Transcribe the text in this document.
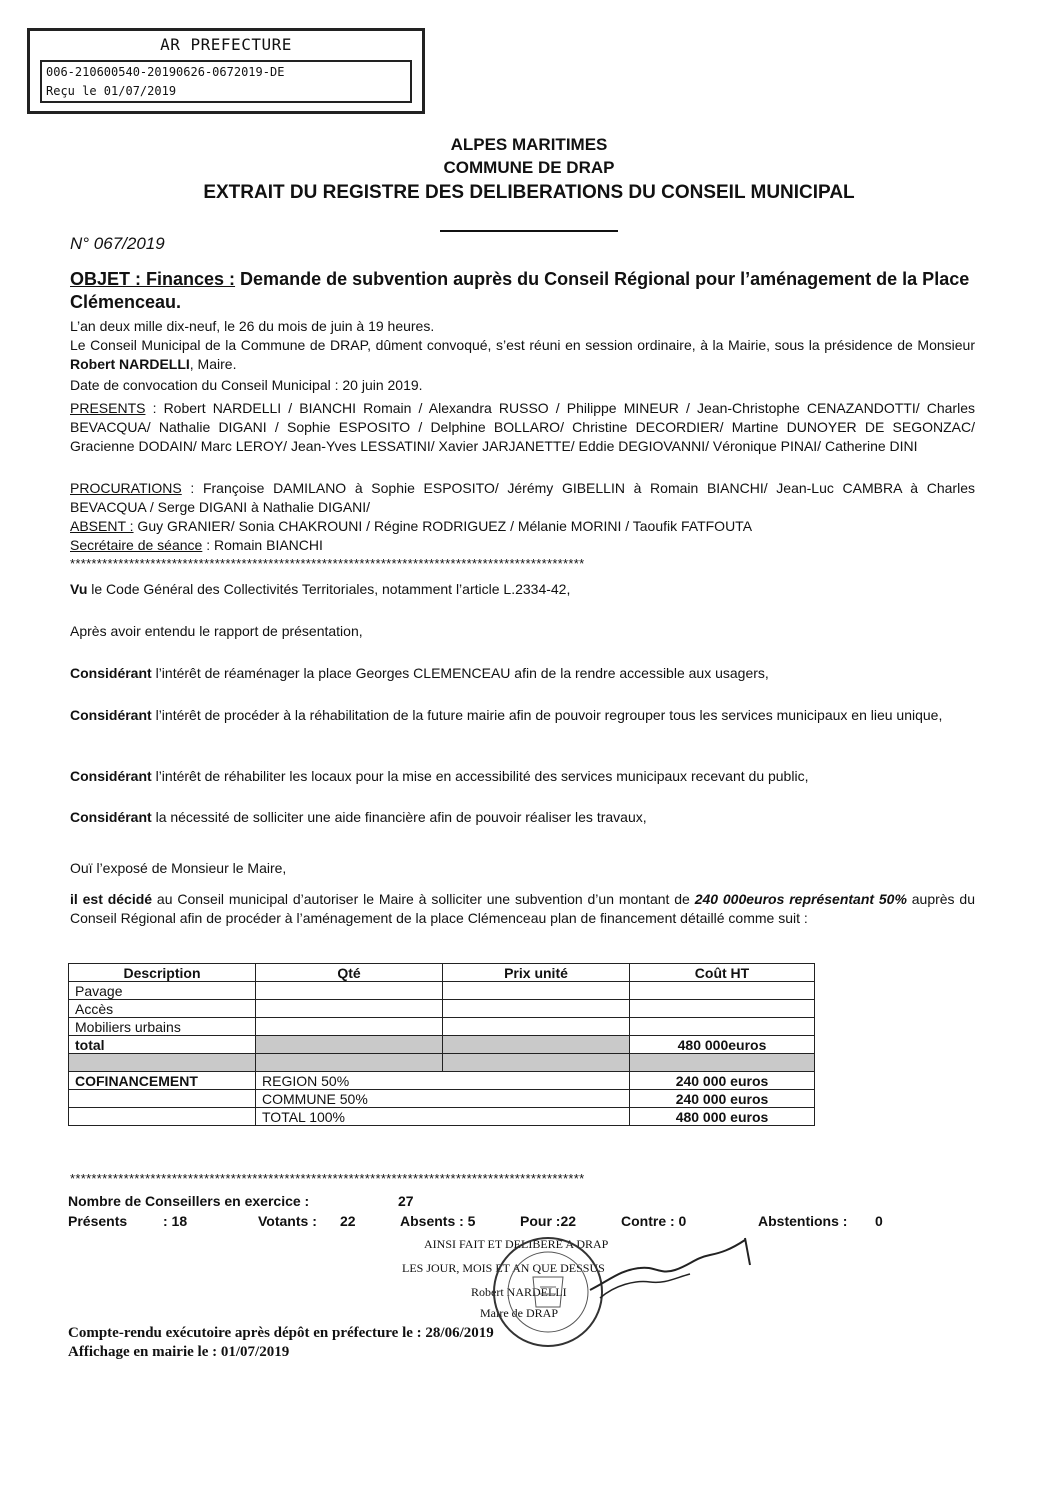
AR PREFECTURE
006-210600540-20190626-0672019-DE
Reçu le 01/07/2019
ALPES MARITIMES
COMMUNE DE DRAP
EXTRAIT DU REGISTRE DES DELIBERATIONS DU CONSEIL MUNICIPAL
N° 067/2019
OBJET : Finances : Demande de subvention auprès du Conseil Régional pour l’aménagement de la Place Clémenceau.
L’an deux mille dix-neuf, le 26 du mois de juin à 19 heures.
Le Conseil Municipal de la Commune de DRAP, dûment convoqué, s’est réuni en session ordinaire, à la Mairie, sous la présidence de Monsieur Robert NARDELLI, Maire.
Date de convocation du Conseil Municipal : 20 juin 2019.
PRESENTS : Robert NARDELLI / BIANCHI Romain / Alexandra RUSSO / Philippe MINEUR / Jean-Christophe CENAZANDOTTI/ Charles BEVACQUA/ Nathalie DIGANI / Sophie ESPOSITO / Delphine BOLLARO/ Christine DECORDIER/ Martine DUNOYER DE SEGONZAC/ Gracienne DODAIN/ Marc LEROY/ Jean-Yves LESSATINI/ Xavier JARJANETTE/ Eddie DEGIOVANNI/ Véronique PINAI/ Catherine DINI
PROCURATIONS : Françoise DAMILANO à Sophie ESPOSITO/ Jérémy GIBELLIN à Romain BIANCHI/ Jean-Luc CAMBRA à Charles BEVACQUA / Serge DIGANI à Nathalie DIGANI/
ABSENT : Guy GRANIER/ Sonia CHAKROUNI / Régine RODRIGUEZ / Mélanie MORINI / Taoufik FATFOUTA
Secrétaire de séance : Romain BIANCHI
************************************************************************************************
Vu le Code Général des Collectivités Territoriales, notamment l’article L.2334-42,
Après avoir entendu le rapport de présentation,
Considérant l’intérêt de réaménager la place Georges CLEMENCEAU afin de la rendre accessible aux usagers,
Considérant l’intérêt de procéder à la réhabilitation de la future mairie afin de pouvoir regrouper tous les services municipaux en lieu unique,
Considérant l’intérêt de réhabiliter les locaux pour la mise en accessibilité des services municipaux recevant du public,
Considérant la nécessité de solliciter une aide financière afin de pouvoir réaliser les travaux,
Ouï l’exposé de Monsieur le Maire,
il est décidé au Conseil municipal d’autoriser le Maire à solliciter une subvention d’un montant de 240 000euros représentant 50% auprès du Conseil Régional afin de procéder à l’aménagement de la place Clémenceau plan de financement détaillé comme suit :
Description	Qté	Prix unité	Coût HT
Pavage			
Accès			
Mobiliers urbains			
total			480 000euros

COFINANCEMENT	REGION 50%		240 000 euros
	COMMUNE 50%		240 000 euros
	TOTAL 100%		480 000 euros
************************************************************************************************
Nombre de Conseillers en exercice :	27
Présents	: 18	Votants : 22	Absents : 5	Pour :22	Contre : 0	Abstentions : 0
AINSI FAIT ET DELIBERE A DRAP
LES JOUR, MOIS ET AN QUE DESSUS
Robert NARDELLI
Maire de DRAP
Compte-rendu exécutoire après dépôt en préfecture le : 28/06/2019
Affichage en mairie le : 01/07/2019
